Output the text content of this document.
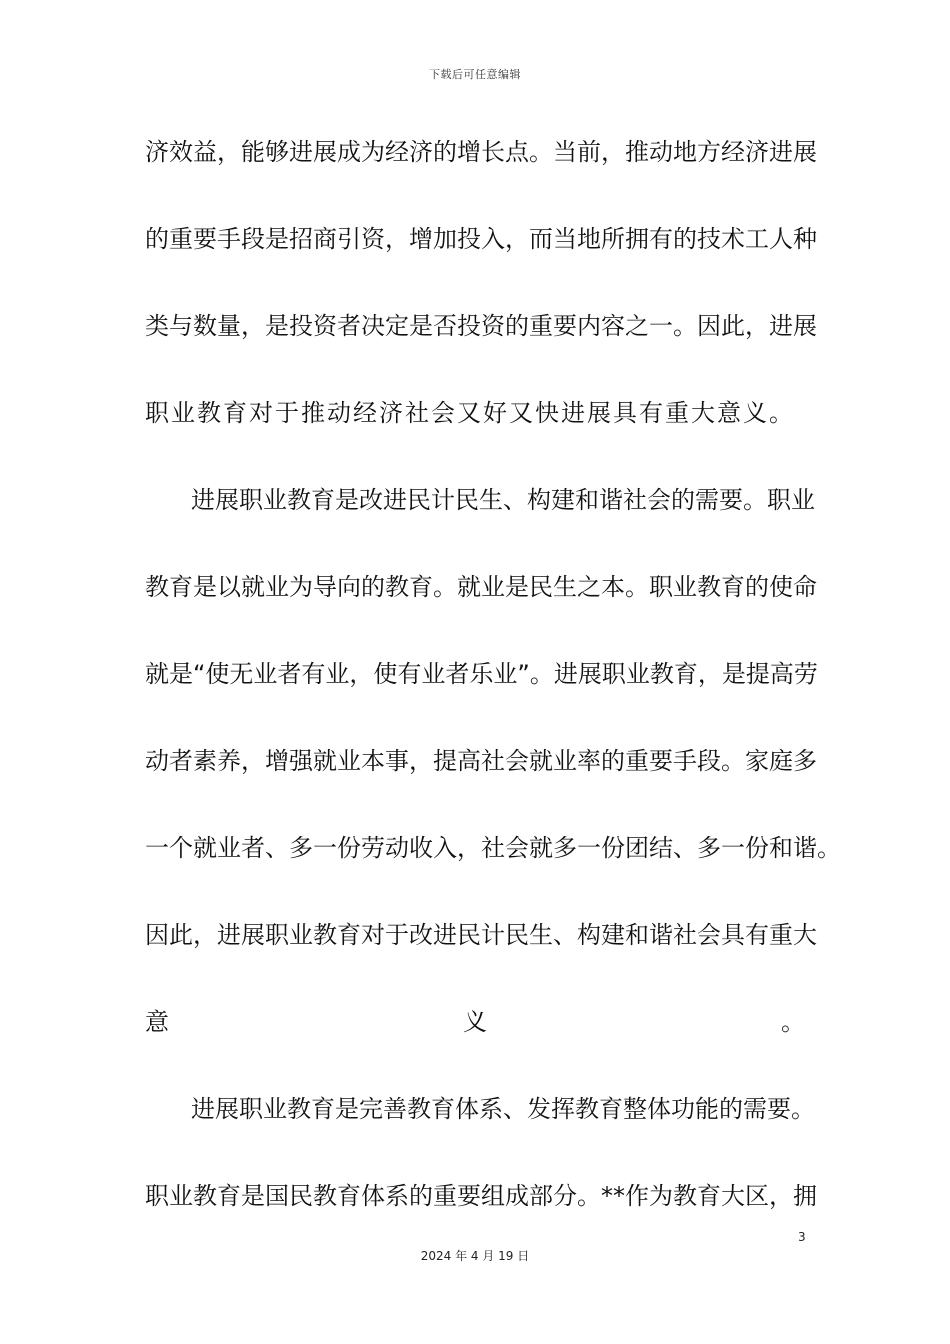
下载后可任意编辑
济效益，能够进展成为经济的增长点。当前，推动地方经济进展
的重要手段是招商引资，增加投入，而当地所拥有的技术工人种
类与数量，是投资者决定是否投资的重要内容之一。因此，进展
职业教育对于推动经济社会又好又快进展具有重大意义。
进展职业教育是改进民计民生、构建和谐社会的需要。职业
教育是以就业为导向的教育。就业是民生之本。职业教育的使命
就是“使无业者有业，使有业者乐业”。进展职业教育，是提高劳
动者素养，增强就业本事，提高社会就业率的重要手段。家庭多
一个就业者、多一份劳动收入，社会就多一份团结、多一份和谐。
因此，进展职业教育对于改进民计民生、构建和谐社会具有重大
意	义	。
进展职业教育是完善教育体系、发挥教育整体功能的需要。
职业教育是国民教育体系的重要组成部分。**作为教育大区，拥
3
2024 年 4 月 19 日
